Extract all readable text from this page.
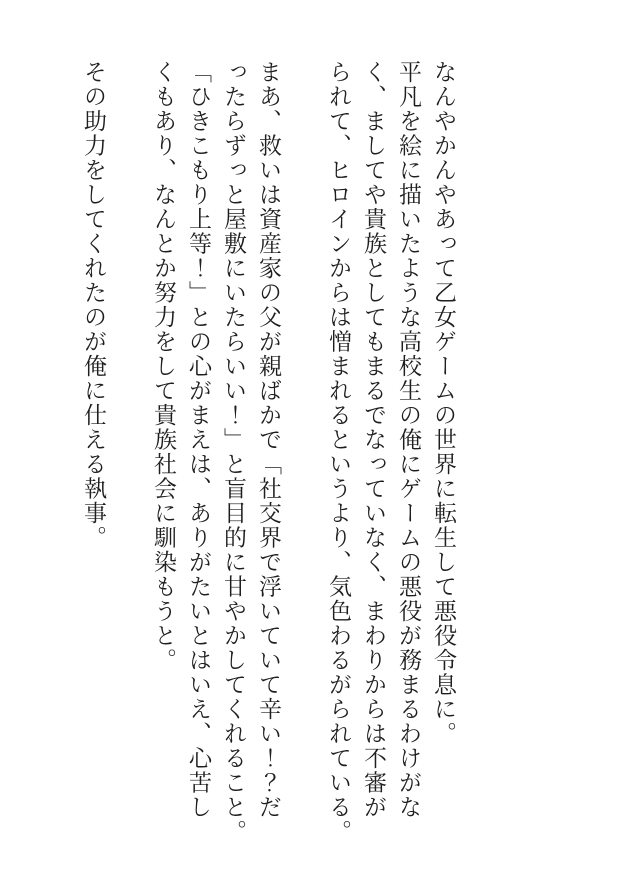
なんやかんやあって乙女ゲームの世界に転生して悪役令息に。

平凡を絵に描いたような高校生の俺にゲームの悪役が務まるわけがな

く、ましてや貴族としてもまるでなっていなく、まわりからは不審が

られて、ヒロインからは憎まれるというより、気色わるがられている。

まあ、救いは資産家の父が親ばかで「社交界で浮いていて辛い！？だ

ったらずっと屋敷にいたらいい！」と盲目的に甘やかしてくれること。

「ひきこもり上等！」との心がまえは、ありがたいとはいえ、心苦し

くもあり、なんとか努力をして貴族社会に馴染もうと。

その助力をしてくれたのが俺に仕える執事。
